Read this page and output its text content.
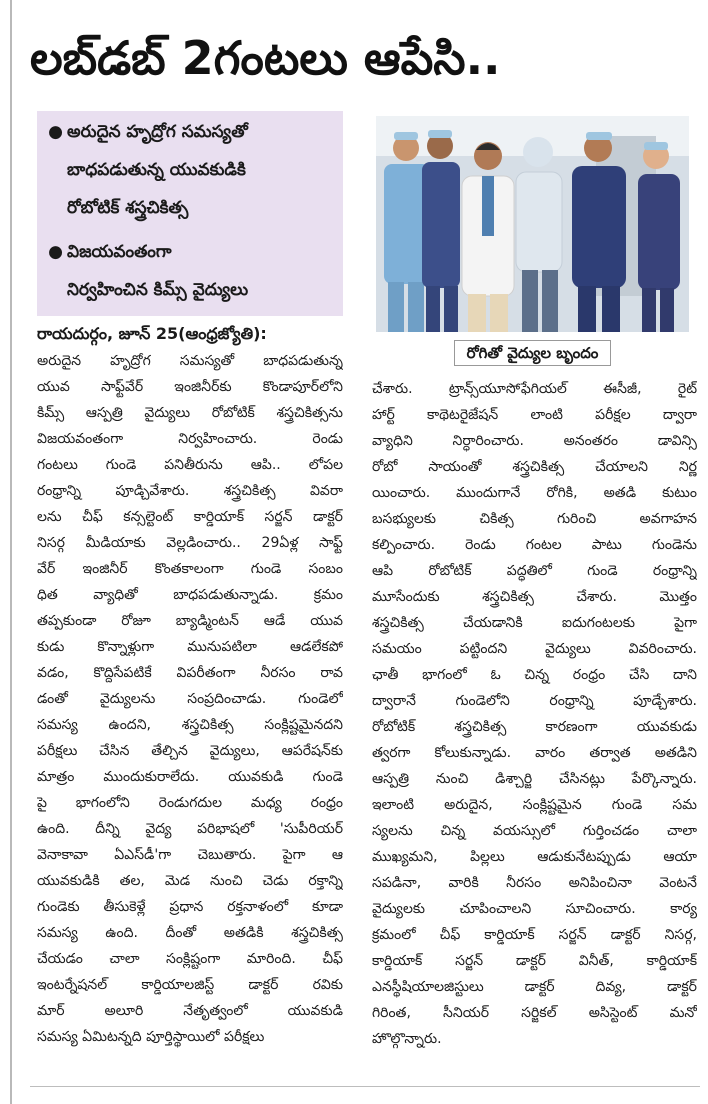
లబ్‌డబ్‌ 2గంటలు ఆపేసి..
● అరుదైన హృద్రోగ సమస్యతో
బాధపడుతున్న యువకుడికి
రోబోటిక్‌ శస్త్రచికిత్స
● విజయవంతంగా
నిర్వహించిన కిమ్స్‌ వైద్యులు
రాయదుర్గం, జూన్‌ 25(ఆంధ్రజ్యోతి):
అరుదైన హృద్రోగ సమస్యతో బాధపడుతున్న
యువ సాఫ్ట్‌వేర్‌ ఇంజినీర్‌కు కొండాపూర్‌లోని
కిమ్స్‌ ఆస్పత్రి వైద్యులు రోబోటిక్‌ శస్త్రచికిత్సను
విజయవంతంగా నిర్వహించారు. రెండు
గంటలు గుండె పనితీరును ఆపి.. లోపల
రంధ్రాన్ని పూడ్చివేశారు. శస్త్రచికిత్స వివరా
లను చీఫ్‌ కన్సల్టెంట్‌ కార్డియాక్‌ సర్జన్‌ డాక్టర్‌
నిసర్గ మీడియాకు వెల్లడించారు.. 29ఏళ్ల సాఫ్ట్‌
వేర్‌ ఇంజినీర్‌ కొంతకాలంగా గుండె సంబం
ధిత వ్యాధితో బాధపడుతున్నాడు. క్రమం
తప్పకుండా రోజూ బ్యాడ్మింటన్‌ ఆడే యువ
కుడు కొన్నాళ్లుగా మునుపటిలా ఆడలేకపో
వడం, కొద్దిసేపటికే విపరీతంగా నీరసం రావ
డంతో వైద్యులను సంప్రదించాడు. గుండెలో
సమస్య ఉందని, శస్త్రచికిత్స సంక్లిష్టమైనదని
పరీక్షలు చేసిన తేల్చిన వైద్యులు, ఆపరేషన్‌కు
మాత్రం ముందుకురాలేదు. యువకుడి గుండె
పై భాగంలోని రెండుగదుల మధ్య రంధ్రం
ఉంది. దీన్ని వైద్య పరిభాషలో 'సుపీరియర్‌
వెనాకావా ఏఎస్‌డీ'గా చెబుతారు. పైగా ఆ
యువకుడికి తల, మెడ నుంచి చెడు రక్తాన్ని
గుండెకు తీసుకెళ్లే ప్రధాన రక్తనాళంలో కూడా
సమస్య ఉంది. దీంతో అతడికి శస్త్రచికిత్స
చేయడం చాలా సంక్లిష్టంగా మారింది. చీఫ్‌
ఇంటర్నేషనల్‌ కార్డియాలజిస్ట్‌ డాక్టర్‌ రవికు
మార్‌ అలూరి నేతృత్వంలో యువకుడి
సమస్య ఏమిటన్నది పూర్తిస్థాయిలో పరీక్షలు
రోగితో వైద్యుల బృందం
చేశారు. ట్రాన్స్‌యూసోఫేగియల్‌ ఈసీజీ, రైట్‌
హార్ట్‌ కాథెటరైజేషన్‌ లాంటి పరీక్షల ద్వారా
వ్యాధిని నిర్ధారించారు. అనంతరం డావిన్సి
రోబో సాయంతో శస్త్రచికిత్స చేయాలని నిర్ణ
యించారు. ముందుగానే రోగికి, అతడి కుటుం
బసభ్యులకు చికిత్స గురించి అవగాహన
కల్పించారు. రెండు గంటల పాటు గుండెను
ఆపి రోబోటిక్‌ పద్ధతిలో గుండె రంధ్రాన్ని
మూసేందుకు శస్త్రచికిత్స చేశారు. మొత్తం
శస్త్రచికిత్స చేయడానికి ఐదుగంటలకు పైగా
సమయం పట్టిందని వైద్యులు వివరించారు.
ఛాతీ భాగంలో ఓ చిన్న రంధ్రం చేసి దాని
ద్వారానే గుండెలోని రంధ్రాన్ని పూడ్చేశారు.
రోబోటిక్‌ శస్త్రచికిత్స కారణంగా యువకుడు
త్వరగా కోలుకున్నాడు. వారం తర్వాత అతడిని
ఆస్పత్రి నుంచి డిశ్చార్జి చేసినట్లు పేర్కొన్నారు.
ఇలాంటి అరుదైన, సంక్లిష్టమైన గుండె సమ
స్యలను చిన్న వయస్సులో గుర్తించడం చాలా
ముఖ్యమని, పిల్లలు ఆడుకునేటప్పుడు ఆయా
సపడినా, వారికి నీరసం అనిపించినా వెంటనే
వైద్యులకు చూపించాలని సూచించారు. కార్య
క్రమంలో చీఫ్‌ కార్డియాక్‌ సర్జన్‌ డాక్టర్‌ నిసర్గ,
కార్డియాక్‌ సర్జన్‌ డాక్టర్‌ వినీత్‌, కార్డియాక్‌
ఎనస్థీషియాలజిస్టులు డాక్టర్‌ దివ్య, డాక్టర్‌
గిరింత, సీనియర్‌ సర్జికల్‌ అసిస్టెంట్‌ మనో
హొల్గొన్నారు.
